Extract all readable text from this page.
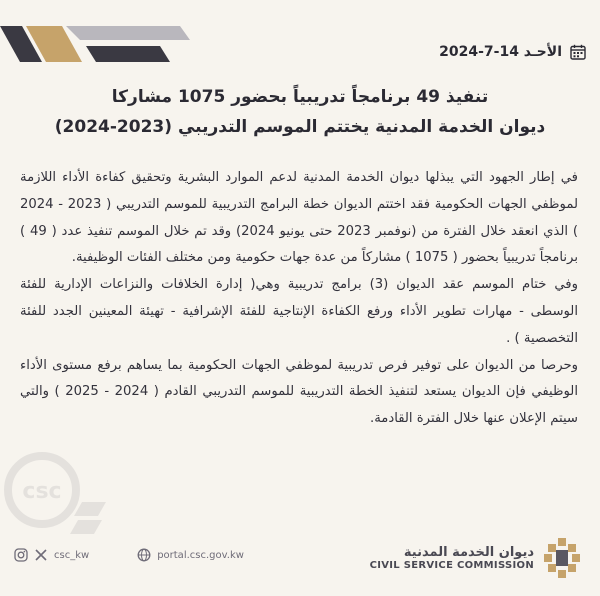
الأحـد 14-7-2024
تنفيذ 49 برنامجاً تدريبياً بحضور 1075 مشاركا
ديوان الخدمة المدنية يختتم الموسم التدريبي (2023-2024)
csc

في إطار الجهود التي يبذلها ديوان الخدمة المدنية لدعم الموارد البشرية وتحقيق كفاءة الأداء اللازمة لموظفي الجهات الحكومية فقد اختتم الديوان خطة البرامج التدريبية للموسم التدريبي ( 2023 - 2024 ) الذي انعقد خلال الفترة من (نوفمبر 2023 حتى يونيو 2024) وقد تم خلال الموسم تنفيذ عدد ( 49 ) برنامجاً تدريبياً بحضور ( 1075 ) مشاركاً من عدة جهات حكومية ومن مختلف الفئات الوظيفية.

وفي ختام الموسم عقد الديوان (3) برامج تدريبية وهي( إدارة الخلافات والنزاعات الإدارية للفئة الوسطى - مهارات تطوير الأداء ورفع الكفاءة الإنتاجية للفئة الإشرافية - تهيئة المعينين الجدد للفئة التخصصية ) .

وحرصا من الديوان على توفير فرص تدريبية لموظفي الجهات الحكومية بما يساهم برفع مستوى الأداء الوظيفي فإن الديوان يستعد لتنفيذ الخطة التدريبية للموسم التدريبي القادم ( 2024 - 2025 ) والتي سيتم الإعلان عنها خلال الفترة القادمة.

csc_kw	portal.csc.gov.kw	ديوان الخدمة المدنية
CIVIL SERVICE COMMISSION
